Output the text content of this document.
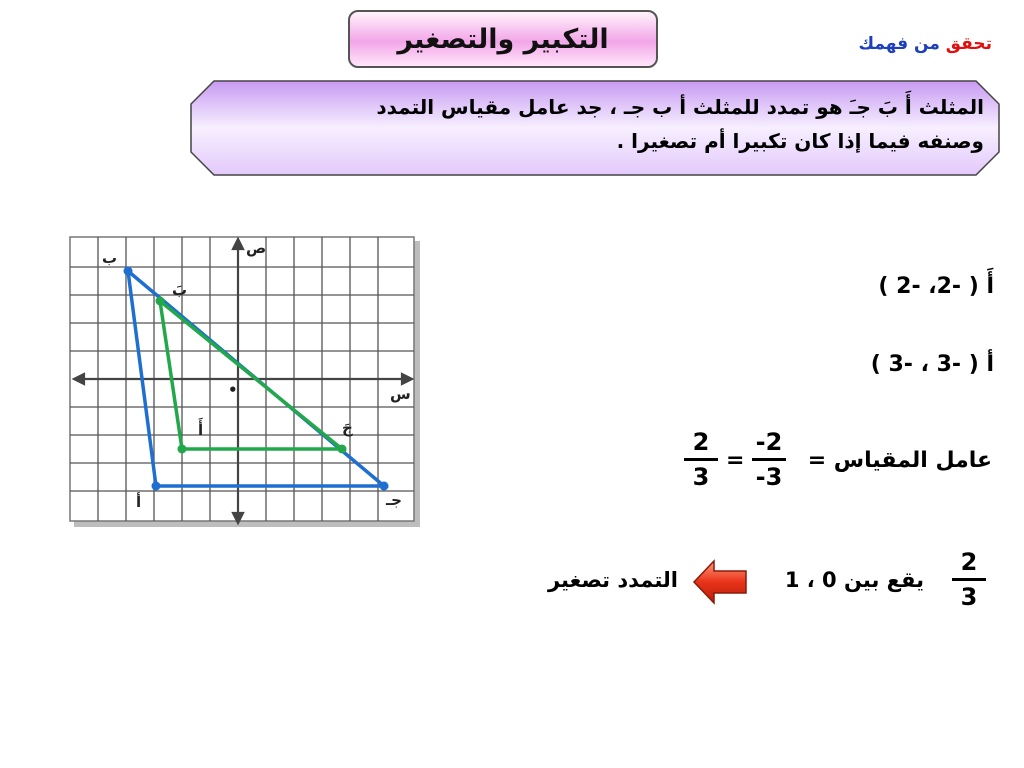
التكبير والتصغير	تحقق من فهمك
المثلث أَ بَ جـَ هو تمدد للمثلث أ ب جـ ، جد عامل مقياس التمدد
وصنفه فيما إذا كان تكبيرا أم تصغيرا .
ص
س
•
ب
بَ
أ
أَ
جـ
جَ
أَ ( -2، -2 )
أ ( -3 ، -3 )
عامل المقياس =
-2
-3
=
2
3
2
3
يقع بين 0 ، 1
التمدد تصغير
